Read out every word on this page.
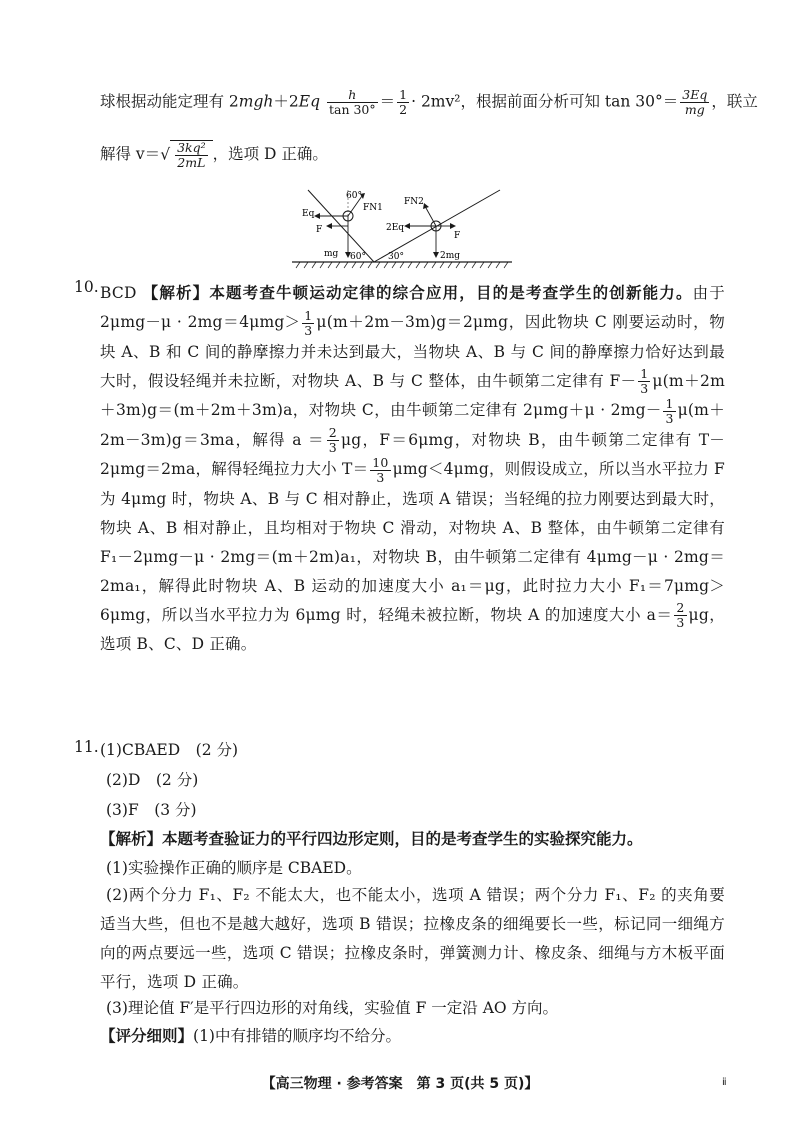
球根据动能定理有 $2mgh+2Eq \frac{h}{\tan 30^\circ} = \frac{1}{2} \cdot 2mv^2$，根据前面分析可知 $\tan 30^\circ= \frac{3Eq}{mg}$ ，联立
解得 $v=√ \frac{\text{3kq²}}{2mL}$ ，选项 D 正确。
Eq
F
FN1
60°
mg 60°
FN2
2Eq
F
2mg
30°
10. BCD 【解析】本题考查牛顿运动定律的综合应用，目的是考查学生的创新能力。由于 $2\mu mg-\mu \cdot 2mg=4\mu mg> \frac{1}{3} \mu(m+2m-3m)g=2\mu mg$，因此物块 C 刚要运动时，物块 A、B 和 C 间的静摩擦力并未达到最大，当物块 A、B 与 C 间的静摩擦力恰好达到最大时，假设轻绳并未拉断，对物块 A、B 与 C 整体，由牛顿第二定律有 $F- \frac{1}{3} \mu(m+2m+3m)g=(m+2m+3m)a$，对物块 C，由牛顿第二定律有 $2\mu mg+\mu \cdot 2mg- \frac{1}{3} \mu(m+2m-3m)g=3ma$，解得 $a = \frac{2}{3}$ μg，F＝6μmg，对物块 B，由牛顿第二定律有 T－2μmg＝2ma，解得轻绳拉力大小 $T= \frac{10}{3} \mu mg<4\mu mg$，则假设成立，所以当水平拉力 F 为 4μmg 时，物块 A、B 与 C 相对静止，选项 A 错误；当轻绳的拉力刚要达到最大时，物块 A、B 相对静止，且均相对于物块 C 滑动，对物块 A、B 整体，由牛顿第二定律有 F₁－2μmg－μ · 2mg＝(m＋2m)a₁，对物块 B，由牛顿第二定律有 4μmg－μ · 2mg＝2ma₁，解得此时物块 A、B 运动的加速度大小 a₁＝μg，此时拉力大小 F₁＝7μmg＞6μmg，所以当水平拉力为 6μmg 时，轻绳未被拉断，物块 A 的加速度大小 $a= \frac{2}{3}$ μg，选项 B、C、D 正确。
11. (1)CBAED　(2 分)
(2)D　(2 分)
(3)F　(3 分)
【解析】本题考查验证力的平行四边形定则，目的是考查学生的实验探究能力。
(1)实验操作正确的顺序是 CBAED。
(2)两个分力 F₁、F₂ 不能太大，也不能太小，选项 A 错误；两个分力 F₁、F₂ 的夹角要适当大些，但也不是越大越好，选项 B 错误；拉橡皮条的细绳要长一些，标记同一细绳方向的两点要远一些，选项 C 错误；拉橡皮条时，弹簧测力计、橡皮条、细绳与方木板平面平行，选项 D 正确。
(3)理论值 F′是平行四边形的对角线，实验值 F 一定沿 AO 方向。
【评分细则】(1)中有排错的顺序均不给分。
【高三物理 · 参考答案　第 3 页(共 5 页)】	ⅱ
